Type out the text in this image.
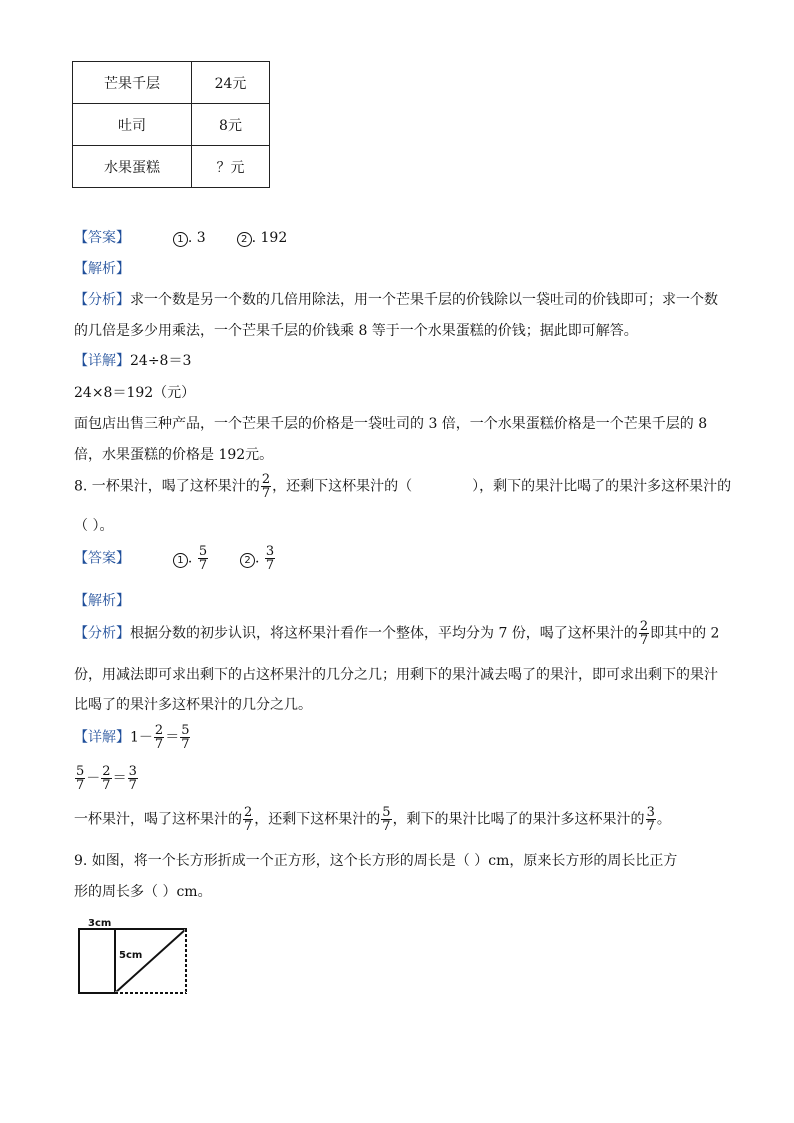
芒果千层	24元
吐司	8元
水果蛋糕	？元
【答案】	1 . 3	2 . 192
【解析】
【分析】求一个数是另一个数的几倍用除法，用一个芒果千层的价钱除以一袋吐司的价钱即可；求一个数
的几倍是多少用乘法，一个芒果千层的价钱乘 8 等于一个水果蛋糕的价钱；据此即可解答。
【详解】24÷8＝3
24×8＝192（元）
面包店出售三种产品，一个芒果千层的价格是一袋吐司的 3 倍，一个水果蛋糕价格是一个芒果千层的 8
倍，水果蛋糕的价格是 192元。
8. 一杯果汁，喝了这杯果汁的 $\frac{2}{7}$ ，还剩下这杯果汁的（	），剩下的果汁比喝了的果汁多这杯果汁的
（ ）。
【答案】	1 . $\frac{5}{7}$	2 . $\frac{3}{7}$
【解析】
【分析】根据分数的初步认识，将这杯果汁看作一个整体，平均分为 7 份，喝了这杯果汁的 $\frac{2}{7}$ 即其中的 2
份，用减法即可求出剩下的占这杯果汁的几分之几；用剩下的果汁减去喝了的果汁，即可求出剩下的果汁
比喝了的果汁多这杯果汁的几分之几。
【详解】$1- \frac{2}{7} = \frac{5}{7}$
$\frac{5}{7} - \frac{2}{7} = \frac{3}{7}$
一杯果汁，喝了这杯果汁的 $\frac{2}{7}$ ，还剩下这杯果汁的 $\frac{5}{7}$ ，剩下的果汁比喝了的果汁多这杯果汁的 $\frac{3}{7}$ 。
9. 如图，将一个长方形折成一个正方形，这个长方形的周长是（ ）cm，原来长方形的周长比正方
形的周长多（ ）cm。
3cm
5cm
